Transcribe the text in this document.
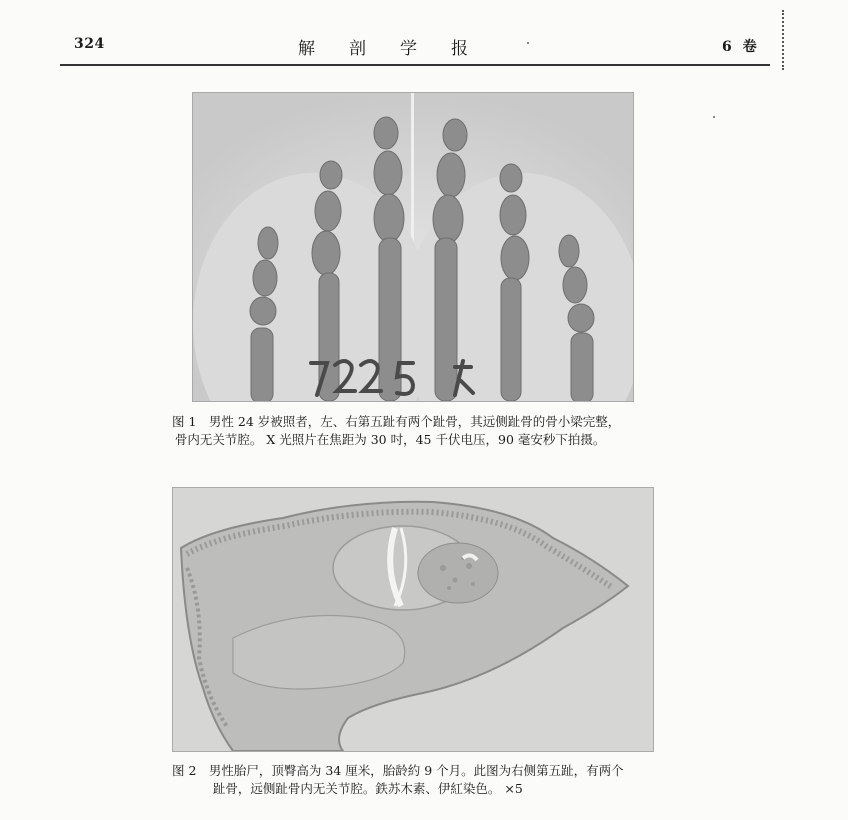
324	解剖学报	6 卷
图 1　男性 24 岁被照者，左、右第五趾有两个趾骨，其远侧趾骨的骨小梁完整，
骨内无关节腔。 X 光照片在焦距为 30 吋，45 千伏电压，90 毫安秒下拍摄。
图 2　男性胎尸，顶臀高为 34 厘米，胎龄約 9 个月。此图为右侧第五趾，有两个
趾骨，远侧趾骨内无关节腔。鉄苏木素、伊紅染色。 ×5
